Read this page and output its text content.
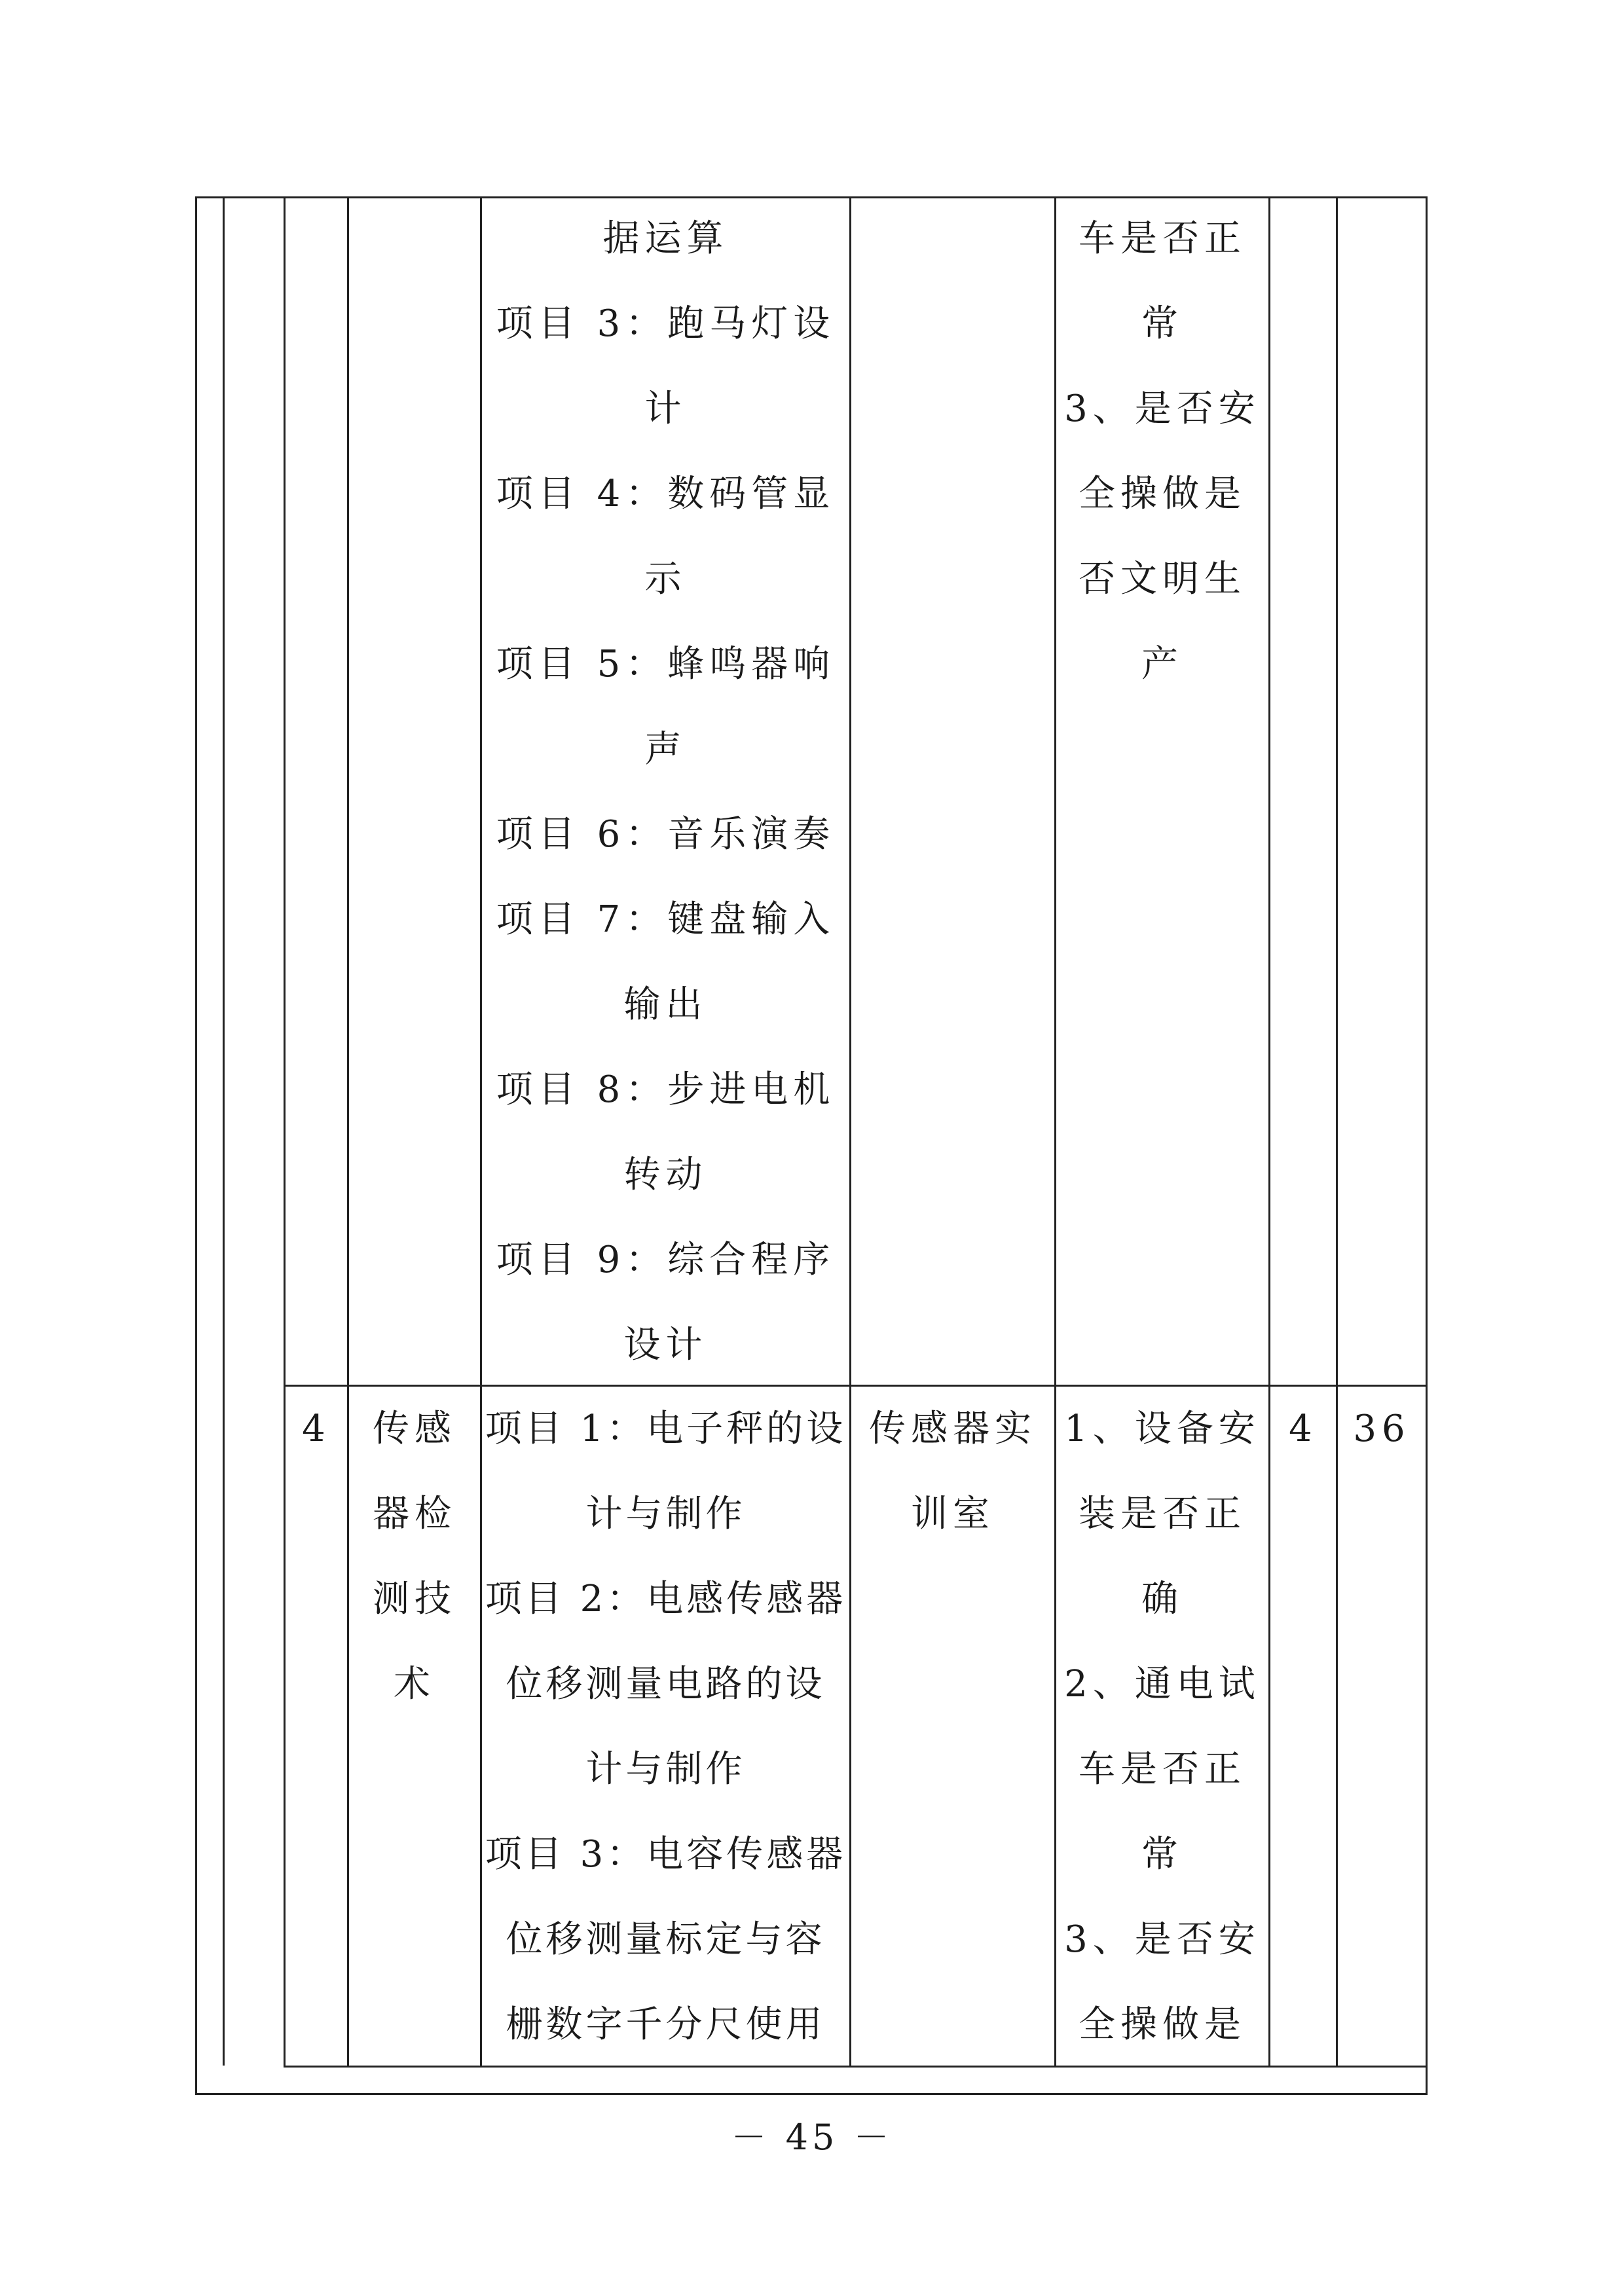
据运算
项目 3：跑马灯设
计
项目 4：数码管显
示
项目 5：蜂鸣器响
声
项目 6：音乐演奏
项目 7：键盘输入
输出
项目 8：步进电机
转动
项目 9：综合程序
设计
车是否正
常
3、是否安
全操做是
否文明生
产
4	传感
器检
测技
术
项目 1：电子秤的设
计与制作
项目 2：电感传感器
位移测量电路的设
计与制作
项目 3：电容传感器
位移测量标定与容
栅数字千分尺使用
传感器实
训室
1、设备安
装是否正
确
2、通电试
车是否正
常
3、是否安
全操做是
4 36
－ 45 －
